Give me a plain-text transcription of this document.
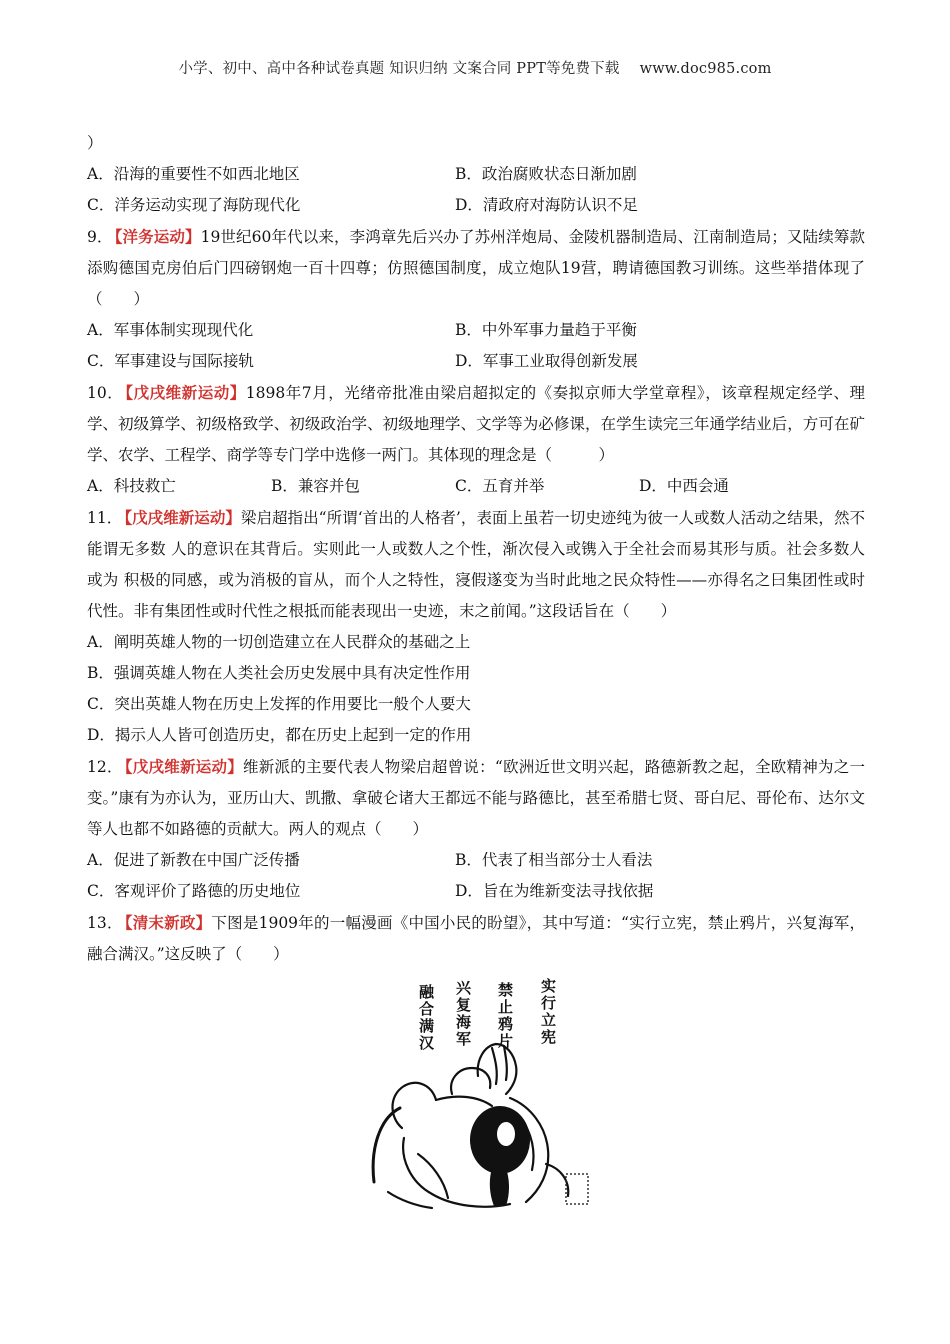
小学、初中、高中各种试卷真题 知识归纳 文案合同 PPT等免费下载 www.doc985.com
）
A．沿海的重要性不如西北地区	B．政治腐败状态日渐加剧
C．洋务运动实现了海防现代化	D．清政府对海防认识不足
9． 【洋务运动】19世纪60年代以来，李鸿章先后兴办了苏州洋炮局、金陵机器制造局、江南制造局；又陆续筹款添购德国克房伯后门四磅钢炮一百十四尊；仿照德国制度，成立炮队19营，聘请德国教习训练。这些举措体现了（　　）
A．军事体制实现现代化	B．中外军事力量趋于平衡
C．军事建设与国际接轨	D．军事工业取得创新发展
10． 【戊戌维新运动】1898年7月，光绪帝批准由梁启超拟定的《奏拟京师大学堂章程》，该章程规定经学、理学、初级算学、初级格致学、初级政治学、初级地理学、文学等为必修课，在学生读完三年通学结业后，方可在矿学、农学、工程学、商学等专门学中选修一两门。其体现的理念是（　　　）
A．科技救亡	B．兼容并包	C．五育并举	D．中西会通
11． 【戊戌维新运动】梁启超指出“所谓‘首出的人格者’，表面上虽若一切史迹纯为彼一人或数人活动之结果，然不能谓无多数 人的意识在其背后。实则此一人或数人之个性，渐次侵入或镌入于全社会而易其形与质。社会多数人或为 积极的同感，或为消极的盲从，而个人之特性，寖假遂变为当时此地之民众特性——亦得名之曰集团性或时代性。非有集团性或时代性之根抵而能表现出一史迹，末之前闻。”这段话旨在（　　）
A．阐明英雄人物的一切创造建立在人民群众的基础之上
B．强调英雄人物在人类社会历史发展中具有决定性作用
C．突出英雄人物在历史上发挥的作用要比一般个人要大
D．揭示人人皆可创造历史，都在历史上起到一定的作用
12． 【戊戌维新运动】维新派的主要代表人物梁启超曾说：“欧洲近世文明兴起，路德新教之起，全欧精神为之一变。”康有为亦认为，亚历山大、凯撒、拿破仑诸大王都远不能与路德比，甚至希腊七贤、哥白尼、哥伦布、达尔文等人也都不如路德的贡献大。两人的观点（　　）
A．促进了新教在中国广泛传播	B．代表了相当部分士人看法
C．客观评价了路德的历史地位	D．旨在为维新变法寻找依据
13． 【清末新政】下图是1909年的一幅漫画《中国小民的盼望》，其中写道：“实行立宪，禁止鸦片，兴复海军，融合满汉。”这反映了（　　）
实行立宪
禁止鸦片
兴复海军
融合满汉
